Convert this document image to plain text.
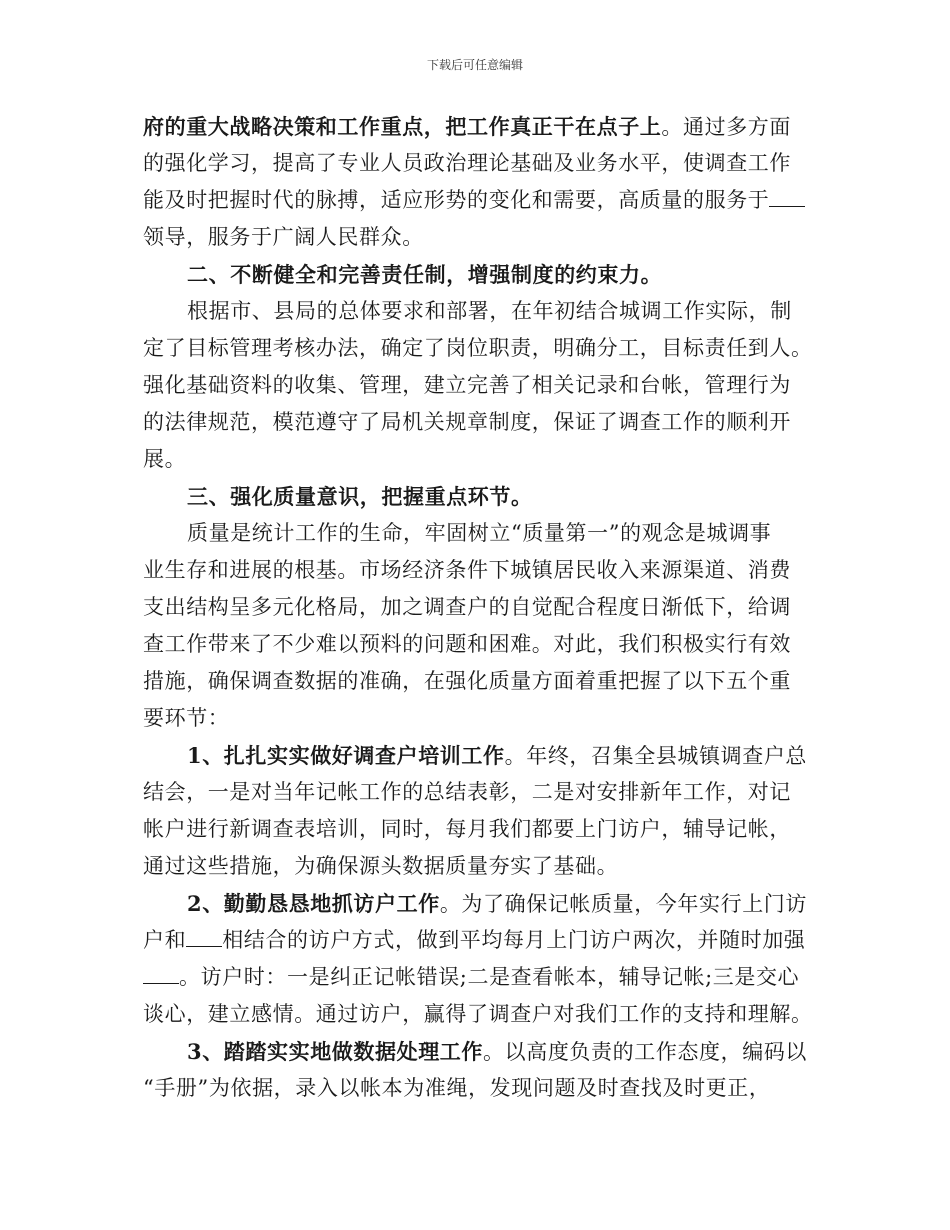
下载后可任意编辑
府的重大战略决策和工作重点，把工作真正干在点子上。通过多方面
的强化学习，提高了专业人员政治理论基础及业务水平，使调查工作
能及时把握时代的脉搏，适应形势的变化和需要，高质量的服务于
领导，服务于广阔人民群众。
二、不断健全和完善责任制，增强制度的约束力。
根据市、县局的总体要求和部署，在年初结合城调工作实际，制
定了目标管理考核办法，确定了岗位职责，明确分工，目标责任到人。
强化基础资料的收集、管理，建立完善了相关记录和台帐，管理行为
的法律规范，模范遵守了局机关规章制度，保证了调查工作的顺利开
展。
三、强化质量意识，把握重点环节。
质量是统计工作的生命，牢固树立“质量第一”的观念是城调事
业生存和进展的根基。市场经济条件下城镇居民收入来源渠道、消费
支出结构呈多元化格局，加之调查户的自觉配合程度日渐低下，给调
查工作带来了不少难以预料的问题和困难。对此，我们积极实行有效
措施，确保调查数据的准确，在强化质量方面着重把握了以下五个重
要环节：
1、扎扎实实做好调查户培训工作。年终，召集全县城镇调查户总
结会，一是对当年记帐工作的总结表彰，二是对安排新年工作，对记
帐户进行新调查表培训，同时，每月我们都要上门访户，辅导记帐，
通过这些措施，为确保源头数据质量夯实了基础。
2、勤勤恳恳地抓访户工作。为了确保记帐质量，今年实行上门访
户和 相结合的访户方式，做到平均每月上门访户两次，并随时加强
。访户时：一是纠正记帐错误;二是查看帐本，辅导记帐;三是交心
谈心，建立感情。通过访户，赢得了调查户对我们工作的支持和理解。
3、踏踏实实地做数据处理工作。以高度负责的工作态度，编码以
“手册”为依据，录入以帐本为准绳，发现问题及时查找及时更正，
